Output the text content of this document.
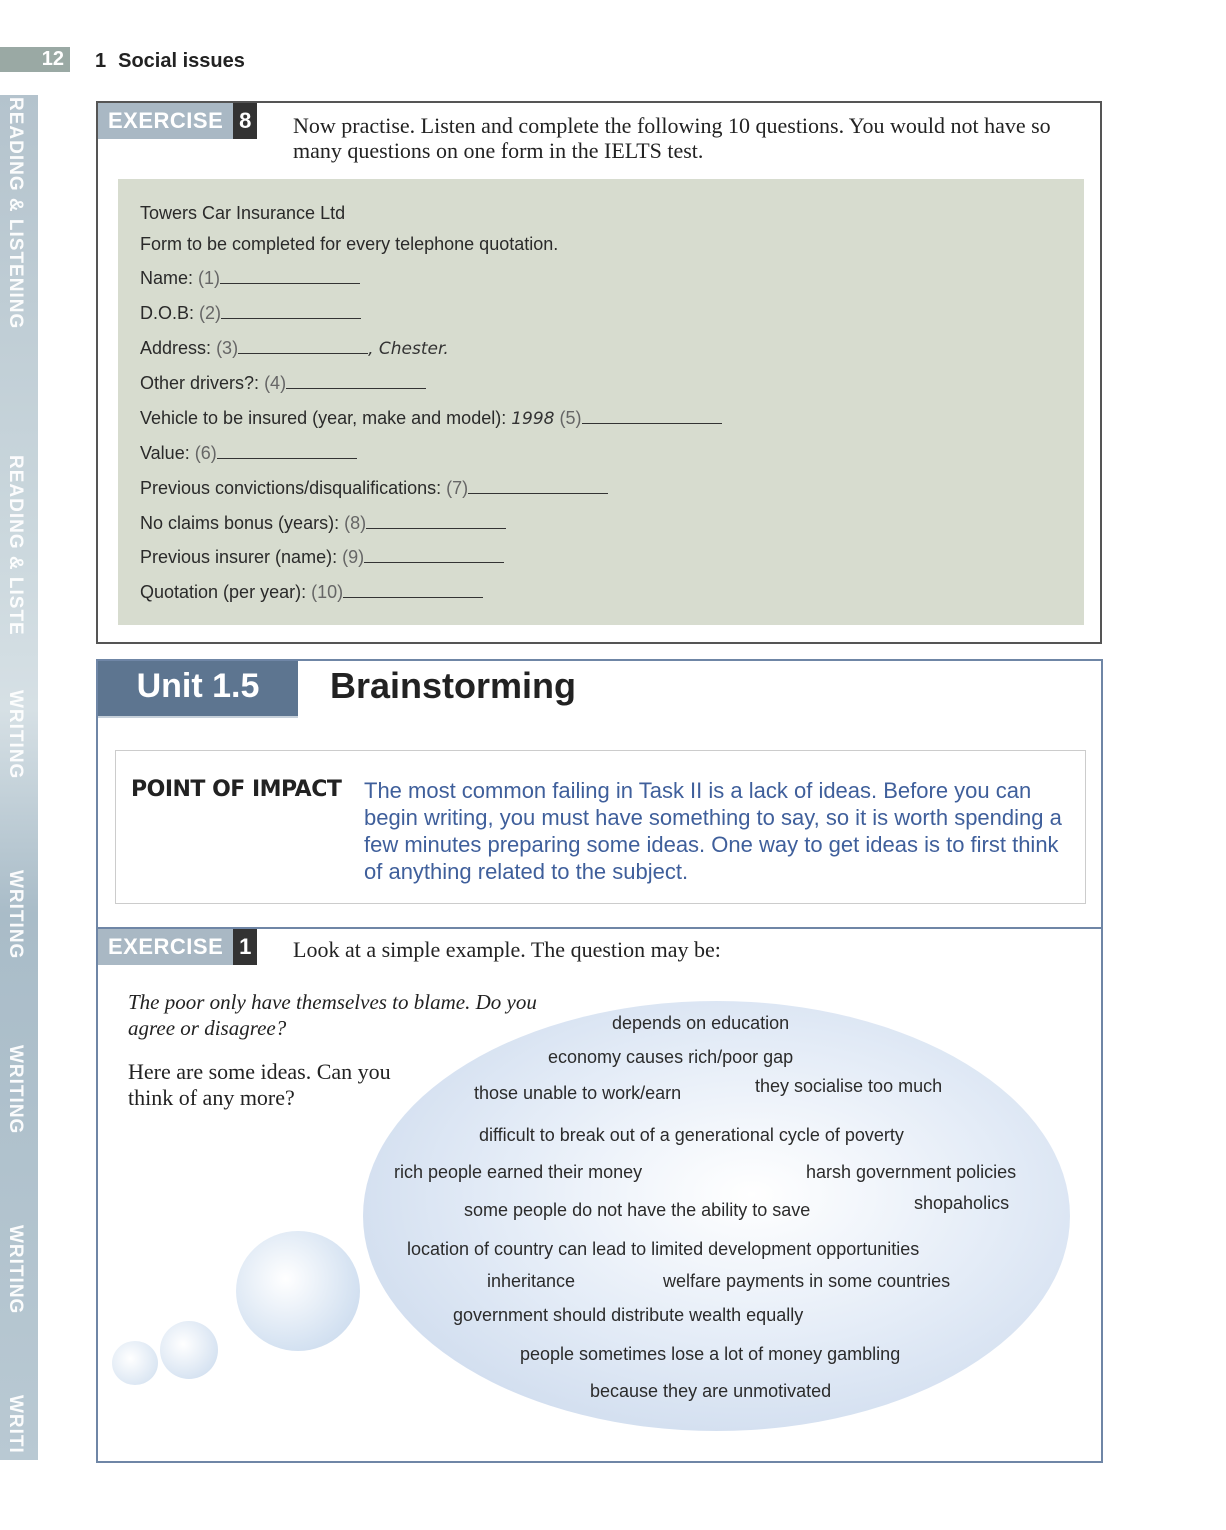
READING & LISTENING
READING & LISTE
WRITING
WRITING
WRITING
WRITING
WRITI
12	1 Social issues
EXERCISE 8 Now practise. Listen and complete the following 10 questions. You would not have so many questions on one form in the IELTS test.
Towers Car Insurance Ltd
Form to be completed for every telephone quotation.
Name: (1)
D.O.B: (2)
Address: (3)	, Chester.
Other drivers?: (4)
Vehicle to be insured (year, make and model): 1998 (5)
Value: (6)
Previous convictions/disqualifications: (7)
No claims bonus (years): (8)
Previous insurer (name): (9)
Quotation (per year): (10)
Unit 1.5	Brainstorming
POINT OF IMPACT The most common failing in Task II is a lack of ideas. Before you can begin writing, you must have something to say, so it is worth spending a few minutes preparing some ideas. One way to get ideas is to first think of anything related to the subject.
EXERCISE 1 Look at a simple example. The question may be:
The poor only have themselves to blame. Do you agree or disagree?
Here are some ideas. Can you think of any more?
depends on education
economy causes rich/poor gap
those unable to work/earn	they socialise too much
difficult to break out of a generational cycle of poverty
rich people earned their money	harsh government policies
some people do not have the ability to save	shopaholics
location of country can lead to limited development opportunities
inheritance	welfare payments in some countries
government should distribute wealth equally
people sometimes lose a lot of money gambling
because they are unmotivated
